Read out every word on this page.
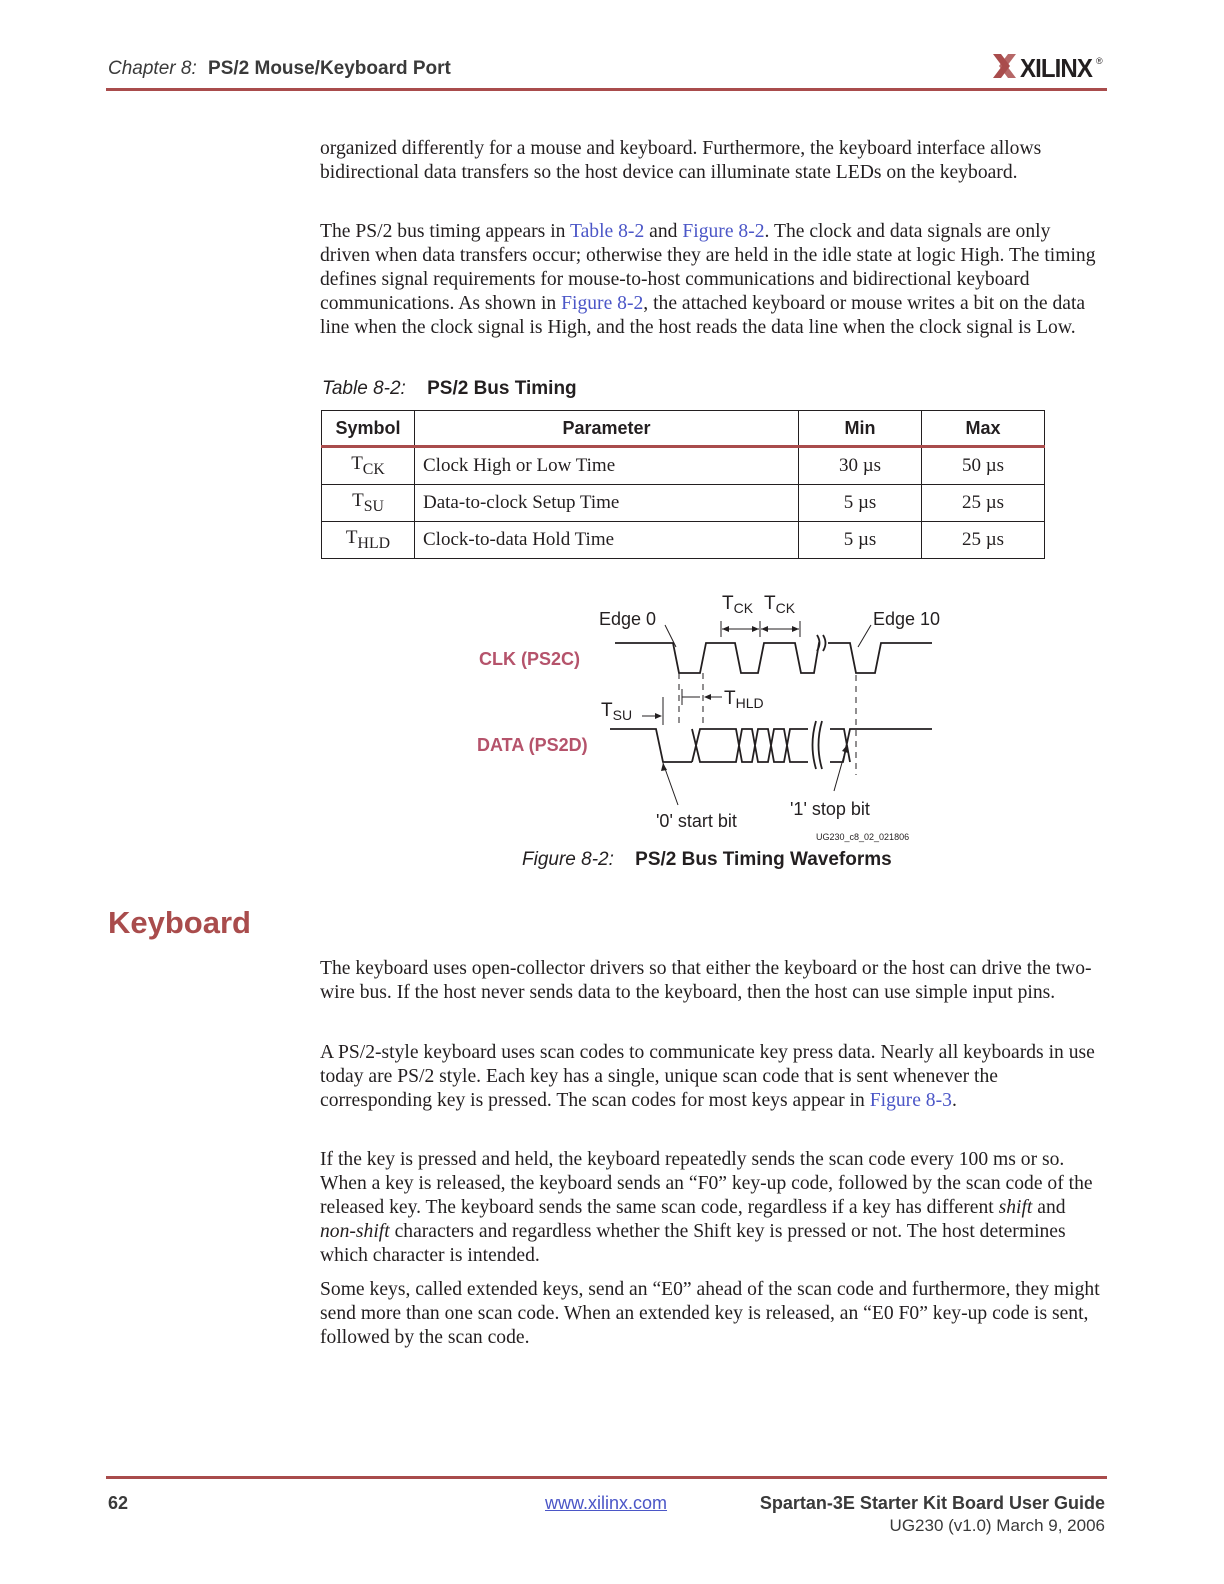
Chapter 8: PS/2 Mouse/Keyboard Port	XILINX ®

organized differently for a mouse and keyboard. Furthermore, the keyboard interface allows bidirectional data transfers so the host device can illuminate state LEDs on the keyboard.

The PS/2 bus timing appears in Table 8-2 and Figure 8-2. The clock and data signals are only driven when data transfers occur; otherwise they are held in the idle state at logic High. The timing defines signal requirements for mouse-to-host communications and bidirectional keyboard communications. As shown in Figure 8-2, the attached keyboard or mouse writes a bit on the data line when the clock signal is High, and the host reads the data line when the clock signal is Low.

Table 8-2: PS/2 Bus Timing
Symbol	Parameter	Min	Max
$T_{CK}$	Clock High or Low Time	30 µs	50 µs
$T_{SU}$	Data-to-clock Setup Time	5 µs	25 µs
$T_{HLD}$	Clock-to-data Hold Time	5 µs	25 µs
Edge 0	Edge 10
$T_{CK}$ $T_{CK}$
$T_{HLD}$
$T_{SU}$
CLK (PS2C)
DATA (PS2D)
'0' start bit
'1' stop bit
UG230_c8_02_021806
Figure 8-2: PS/2 Bus Timing Waveforms
Keyboard

The keyboard uses open-collector drivers so that either the keyboard or the host can drive the two-wire bus. If the host never sends data to the keyboard, then the host can use simple input pins.

A PS/2-style keyboard uses scan codes to communicate key press data. Nearly all keyboards in use today are PS/2 style. Each key has a single, unique scan code that is sent whenever the corresponding key is pressed. The scan codes for most keys appear in Figure 8-3.

If the key is pressed and held, the keyboard repeatedly sends the scan code every 100 ms or so. When a key is released, the keyboard sends an “F0” key-up code, followed by the scan code of the released key. The keyboard sends the same scan code, regardless if a key has different shift and non-shift characters and regardless whether the Shift key is pressed or not. The host determines which character is intended.

Some keys, called extended keys, send an “E0” ahead of the scan code and furthermore, they might send more than one scan code. When an extended key is released, an “E0 F0” key-up code is sent, followed by the scan code.

62	www.xilinx.com	Spartan-3E Starter Kit Board User Guide
UG230 (v1.0) March 9, 2006
